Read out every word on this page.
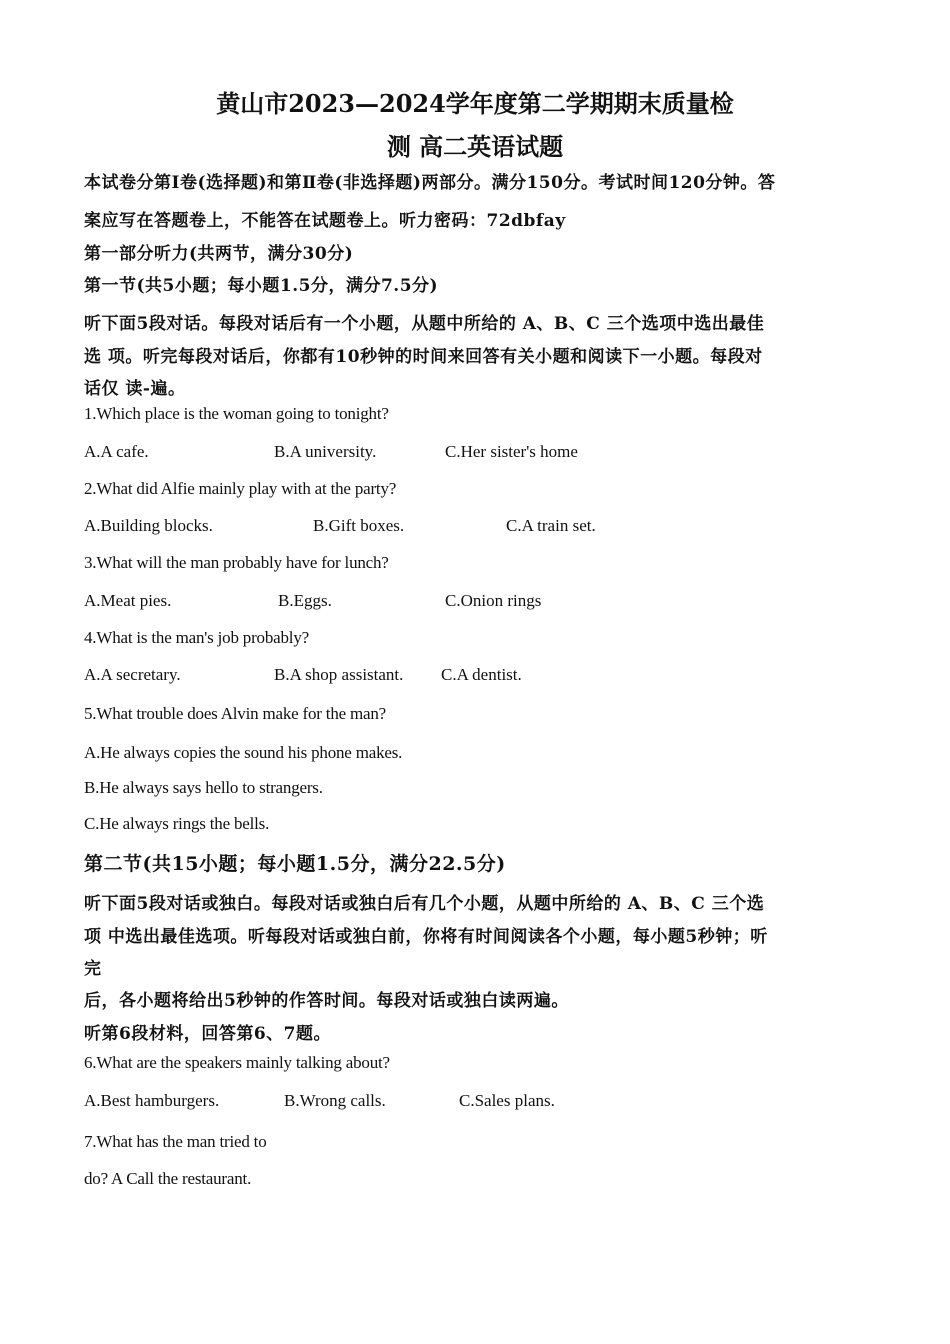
黄山市2023—2024学年度第二学期期末质量检
测 高二英语试题
本试卷分第I卷(选择题)和第Ⅱ卷(非选择题)两部分。满分150分。考试时间120分钟。答
案应写在答题卷上，不能答在试题卷上。听力密码：72dbfay
第一部分听力(共两节，满分30分)
第一节(共5小题；每小题1.5分，满分7.5分)
听下面5段对话。每段对话后有一个小题，从题中所给的 A、B、C 三个选项中选出最佳
选 项。听完每段对话后，你都有10秒钟的时间来回答有关小题和阅读下一小题。每段对
话仅 读-遍。
1.Which place is the woman going to tonight?
A.A cafe.	B.A university.	C.Her sister's home
2.What did Alfie mainly play with at the party?
A.Building blocks.	B.Gift boxes.	C.A train set.
3.What will the man probably have for lunch?
A.Meat pies.	B.Eggs.	C.Onion rings
4.What is the man's job probably?
A.A secretary.	B.A shop assistant. C.A dentist.
5.What trouble does Alvin make for the man?
A.He always copies the sound his phone makes.
B.He always says hello to strangers.
C.He always rings the bells.
第二节(共15小题；每小题1.5分，满分22.5分)
听下面5段对话或独白。每段对话或独白后有几个小题，从题中所给的 A、B、C 三个选
项 中选出最佳选项。听每段对话或独白前，你将有时间阅读各个小题，每小题5秒钟；听
完
后，各小题将给出5秒钟的作答时间。每段对话或独白读两遍。
听第6段材料，回答第6、7题。
6.What are the speakers mainly talking about?
A.Best hamburgers.	B.Wrong calls.	C.Sales plans.
7.What has the man tried to
do? A Call the restaurant.
